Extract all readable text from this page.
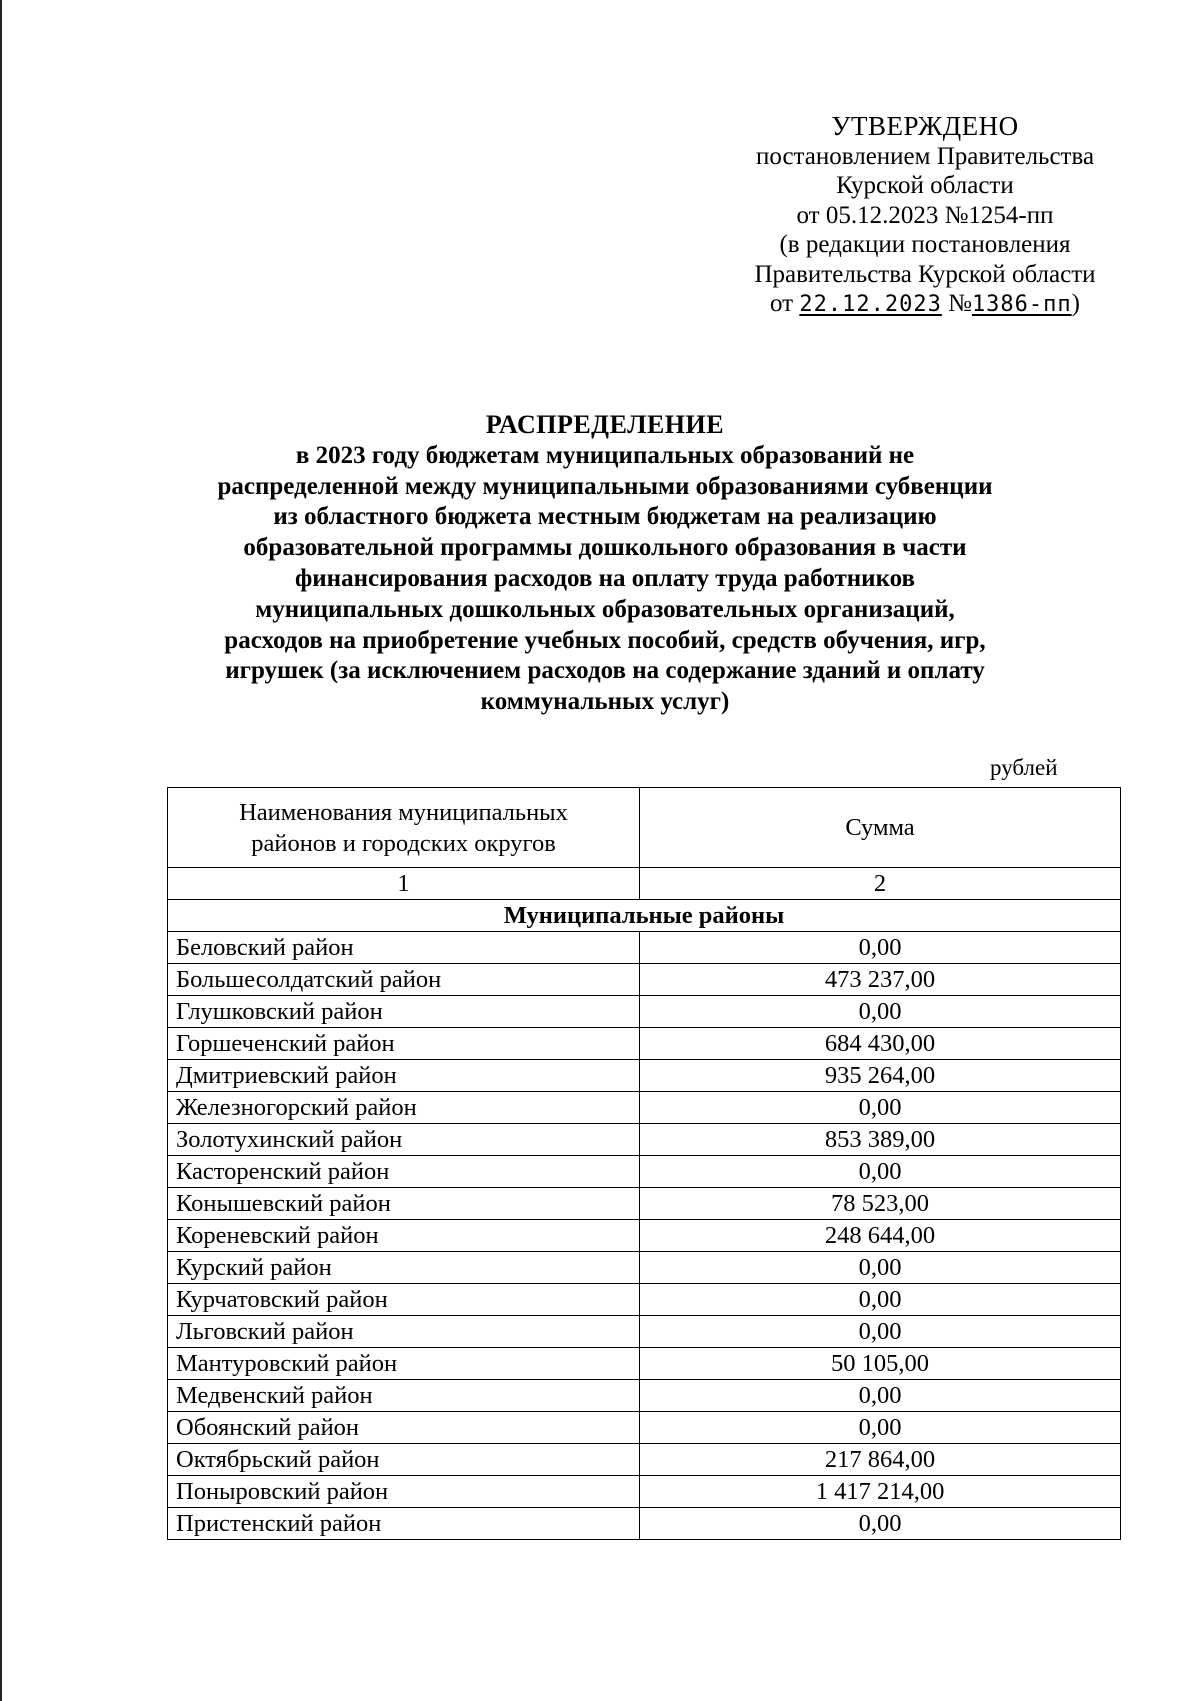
УТВЕРЖДЕНО
постановлением Правительства
Курской области
от 05.12.2023 №1254-пп
(в редакции постановления
Правительства Курской области
от 22.12.2023 №1386-пп)
РАСПРЕДЕЛЕНИЕ
в 2023 году бюджетам муниципальных образований не
распределенной между муниципальными образованиями субвенции
из областного бюджета местным бюджетам на реализацию
образовательной программы дошкольного образования в части
финансирования расходов на оплату труда работников
муниципальных дошкольных образовательных организаций,
расходов на приобретение учебных пособий, средств обучения, игр,
игрушек (за исключением расходов на содержание зданий и оплату
коммунальных услуг)
рублей
Наименования муниципальных
районов и городских округов	Сумма
1	2
Муниципальные районы	
Беловский район	0,00
Большесолдатский район	473 237,00
Глушковский район	0,00
Горшеченский район	684 430,00
Дмитриевский район	935 264,00
Железногорский район	0,00
Золотухинский район	853 389,00
Касторенский район	0,00
Конышевский район	78 523,00
Кореневский район	248 644,00
Курский район	0,00
Курчатовский район	0,00
Льговский район	0,00
Мантуровский район	50 105,00
Медвенский район	0,00
Обоянский район	0,00
Октябрьский район	217 864,00
Поныровский район	1 417 214,00
Пристенский район	0,00
